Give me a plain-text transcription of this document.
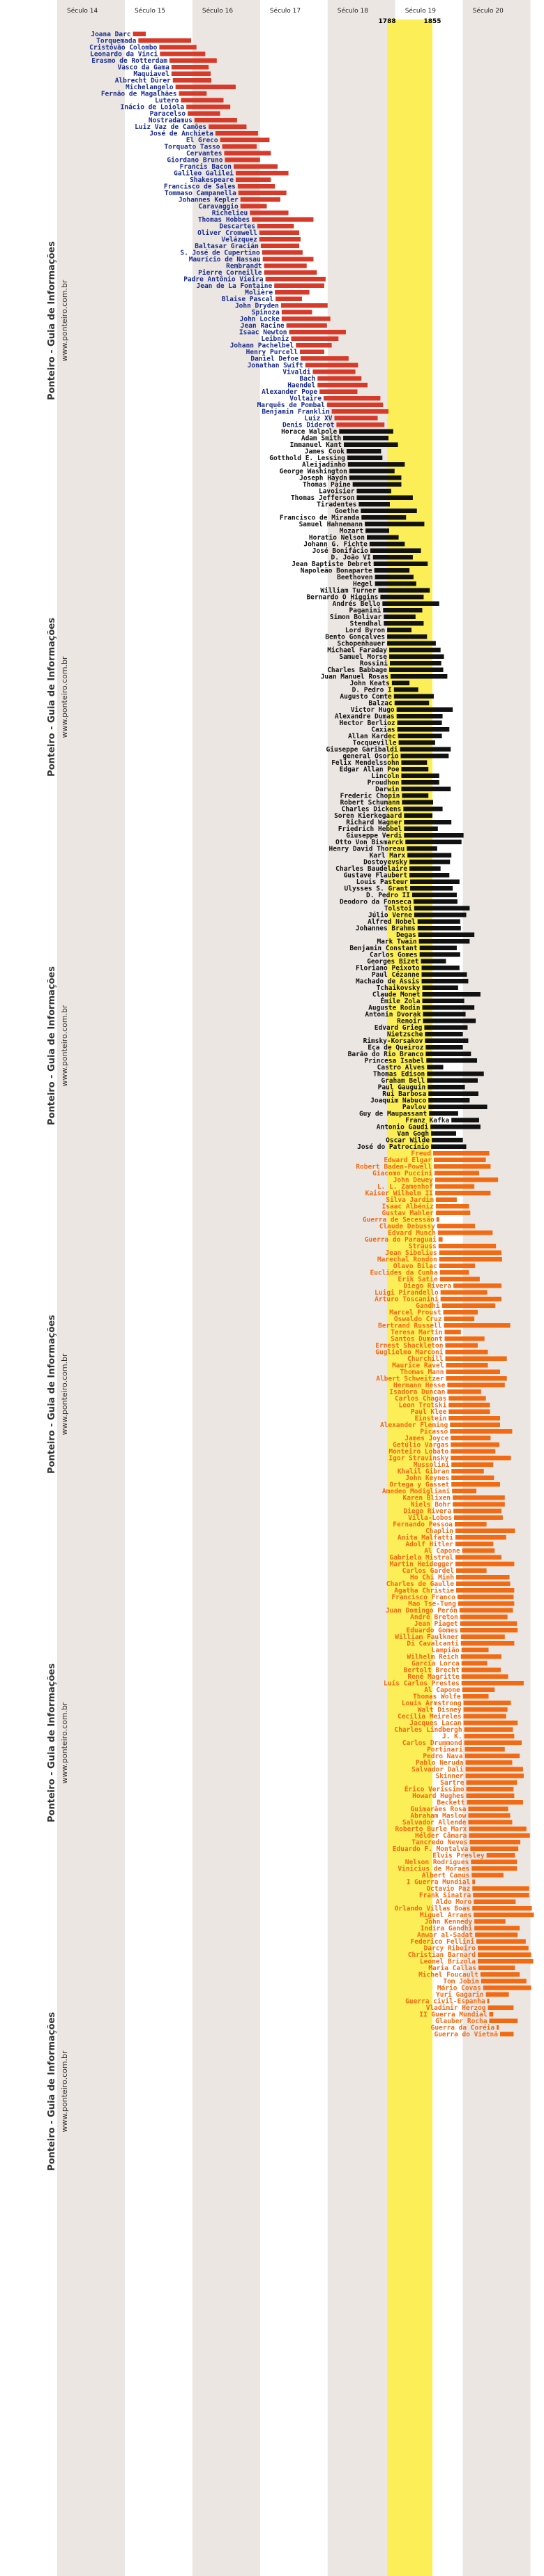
Século 14	Século 15	Século 16	Século 17	Século 18	Século 19	Século 20
1788	1855
Joana Darc
Torquemada
Cristóvão Colombo
Leonardo da Vinci
Erasmo de Rotterdam
Vasco da Gama
Maquiavel
Albrecht Dürer
Michelangelo
Fernão de Magalhães
Lutero
Inácio de Loiola
Paracelso
Nostradamus
Luiz Vaz de Camões
José de Anchieta
El Greco
Torquato Tasso
Cervantes
Giordano Bruno
Francis Bacon
Galileo Galilei
Shakespeare
Francisco de Sales
Tommaso Campanella
Johannes Kepler
Caravaggio
Richelieu
Thomas Hobbes
Descartes
Oliver Cromwell
Velázquez
Baltasar Gracián
S. José de Cupertino
Maurício de Nassau
Rembrandt
Pierre Corneille
Padre Antônio Vieira
Jean de La Fontaine
Molière
Blaise Pascal
John Dryden
Spinoza
John Locke
Jean Racine
Isaac Newton
Leibniz
Johann Pachelbel
Henry Purcell
Daniel Defoe
Jonathan Swift
Vivaldi
Bach
Haendel
Alexander Pope
Voltaire
Marquês de Pombal
Benjamin Franklin
Luiz XV
Denis Diderot
Horace Walpole
Adam Smith
Immanuel Kant
James Cook
Gotthold E. Lessing
Aleijadinho
George Washington
Joseph Haydn
Thomas Paine
Lavoisier
Thomas Jefferson
Tiradentes
Goethe
Francisco de Miranda
Samuel Hahnemann
Mozart
Horatio Nelson
Johann G. Fichte
José Bonifácio
D. João VI
Jean Baptiste Debret
Napoleão Bonaparte
Beethoven
Hegel
William Turner
Bernardo O Higgins
Andrés Bello
Paganini
Simon Bolivar
Stendhal
Lord Byron
Bento Gonçalves
Schopenhauer
Michael Faraday
Samuel Morse
Rossini
Charles Babbage
Juan Manuel Rosas
John Keats
D. Pedro I
Augusto Comte
Balzac
Victor Hugo
Alexandre Dumas
Hector Berlioz
Caxias
Allan Kardec
Tocqueville
Giuseppe Garibaldi
general Osorio
Felix Mendelssohn
Edgar Allan Poe
Lincoln
Proudhon
Darwin
Frederic Chopin
Robert Schumann
Charles Dickens
Soren Kierkegaard
Richard Wagner
Friedrich Hebbel
Giuseppe Verdi
Otto Von Bismarck
Henry David Thoreau
Karl Marx
Dostoyevsky
Charles Baudelaire
Gustave Flaubert
Louis Pasteur
Ulysses S. Grant
D. Pedro II
Deodoro da Fonseca
Tolstoi
Júlio Verne
Alfred Nobel
Johannes Brahms
Degas
Mark Twain
Benjamin Constant
Carlos Gomes
Georges Bizet
Floriano Peixoto
Paul Cézanne
Machado de Assis
Tchaikovsky
Claude Monet
Émile Zola
Auguste Rodin
Antonin Dvorak
Renoir
Edvard Grieg
Nietzsche
Rimsky-Korsakov
Eça de Queiroz
Barão do Rio Branco
Princesa Isabel
Castro Alves
Thomas Edison
Graham Bell
Paul Gauguin
Rui Barbosa
Joaquim Nabuco
Pavlov
Guy de Maupassant
Franz Kafka
Antonio Gaudi
Van Gogh
Oscar Wilde
José do Patrocínio
Freud
Edward Elgar
Robert Baden-Powell
Giacomo Puccini
John Dewey
L. L. Zamenhof
Kaiser Wilhelm II
Silva Jardim
Isaac Albéniz
Gustav Mahler
Guerra de Secessão
Claude Debussy
Edvard Munch
Guerra do Paraguai
Strauss
Jean Sibelius
Marechal Rondon
Olavo Bilac
Euclides da Cunha
Erik Satie
Diego Rivera
Luigi Pirandello
Arturo Toscanini
Gandhi
Marcel Proust
Oswaldo Cruz
Bertrand Russell
Teresa Martin
Santos Dumont
Ernest Shackleton
Guglielmo Marconi
Churchill
Maurice Ravel
Thomas Mann
Albert Schweitzer
Hermann Hesse
Isadora Duncan
Carlos Chagas
Leon Trotski
Paul Klee
Einstein
Alexander Fleming
Picasso
James Joyce
Getúlio Vargas
Monteiro Lobato
Igor Stravinsky
Mussolini
Khalil Gibran
John Keynes
Ortega y Gasset
Amedeo Modigliani
Karen Blixen
Niels Bohr
Diego Rivera
Villa-Lobos
Fernando Pessoa
Chaplin
Anita Malfatti
Adolf Hitler
Al Capone
Gabriela Mistral
Martin Heidegger
Carlos Gardel
Ho Chi Minh
Charles de Gaulle
Agatha Christie
Francisco Franco
Mao Tse-Tung
Juan Domingo Perón
André Breton
Jean Piaget
Eduardo Gomes
William Faulkner
Di Cavalcanti
Lampião
Wilhelm Reich
García Lorca
Bertolt Brecht
René Magritte
Luís Carlos Prestes
Al Capone
Thomas Wolfe
Louis Armstrong
Walt Disney
Cecília Meireles
Jacques Lacan
Charles Lindbergh
J. K.
Carlos Drummond
Portinari
Pedro Nava
Pablo Neruda
Salvador Dali
Skinner
Sartre
Érico Veríssimo
Howard Hughes
Beckett
Guimarães Rosa
Abraham Maslow
Salvador Allende
Roberto Burle Marx
Hélder Câmara
Tancredo Neves
Eduardo F. Montalva
Elvis Presley
Nelson Rodrigues
Vinicius de Moraes
Albert Camus
I Guerra Mundial
Octavio Paz
Frank Sinatra
Aldo Moro
Orlando Villas Boas
Miguel Arraes
John Kennedy
Indira Gandhi
Anwar al-Sadat
Federico Fellini
Darcy Ribeiro
Christian Barnard
Leonel Brizola
Maria Callas
Michel Foucault
Tom Jobim
Mário Covas
Yuri Gagarin
Guerra civil-Espanha
Vladimir Herzog
II Guerra Mundial
Glauber Rocha
Guerra da Coréia
Guerra do Vietnã
Ponteiro - Guia de Informações www.ponteiro.com.br
Ponteiro - Guia de Informações www.ponteiro.com.br
Ponteiro - Guia de Informações www.ponteiro.com.br
Ponteiro - Guia de Informações www.ponteiro.com.br
Ponteiro - Guia de Informações www.ponteiro.com.br
Ponteiro - Guia de Informações www.ponteiro.com.br
